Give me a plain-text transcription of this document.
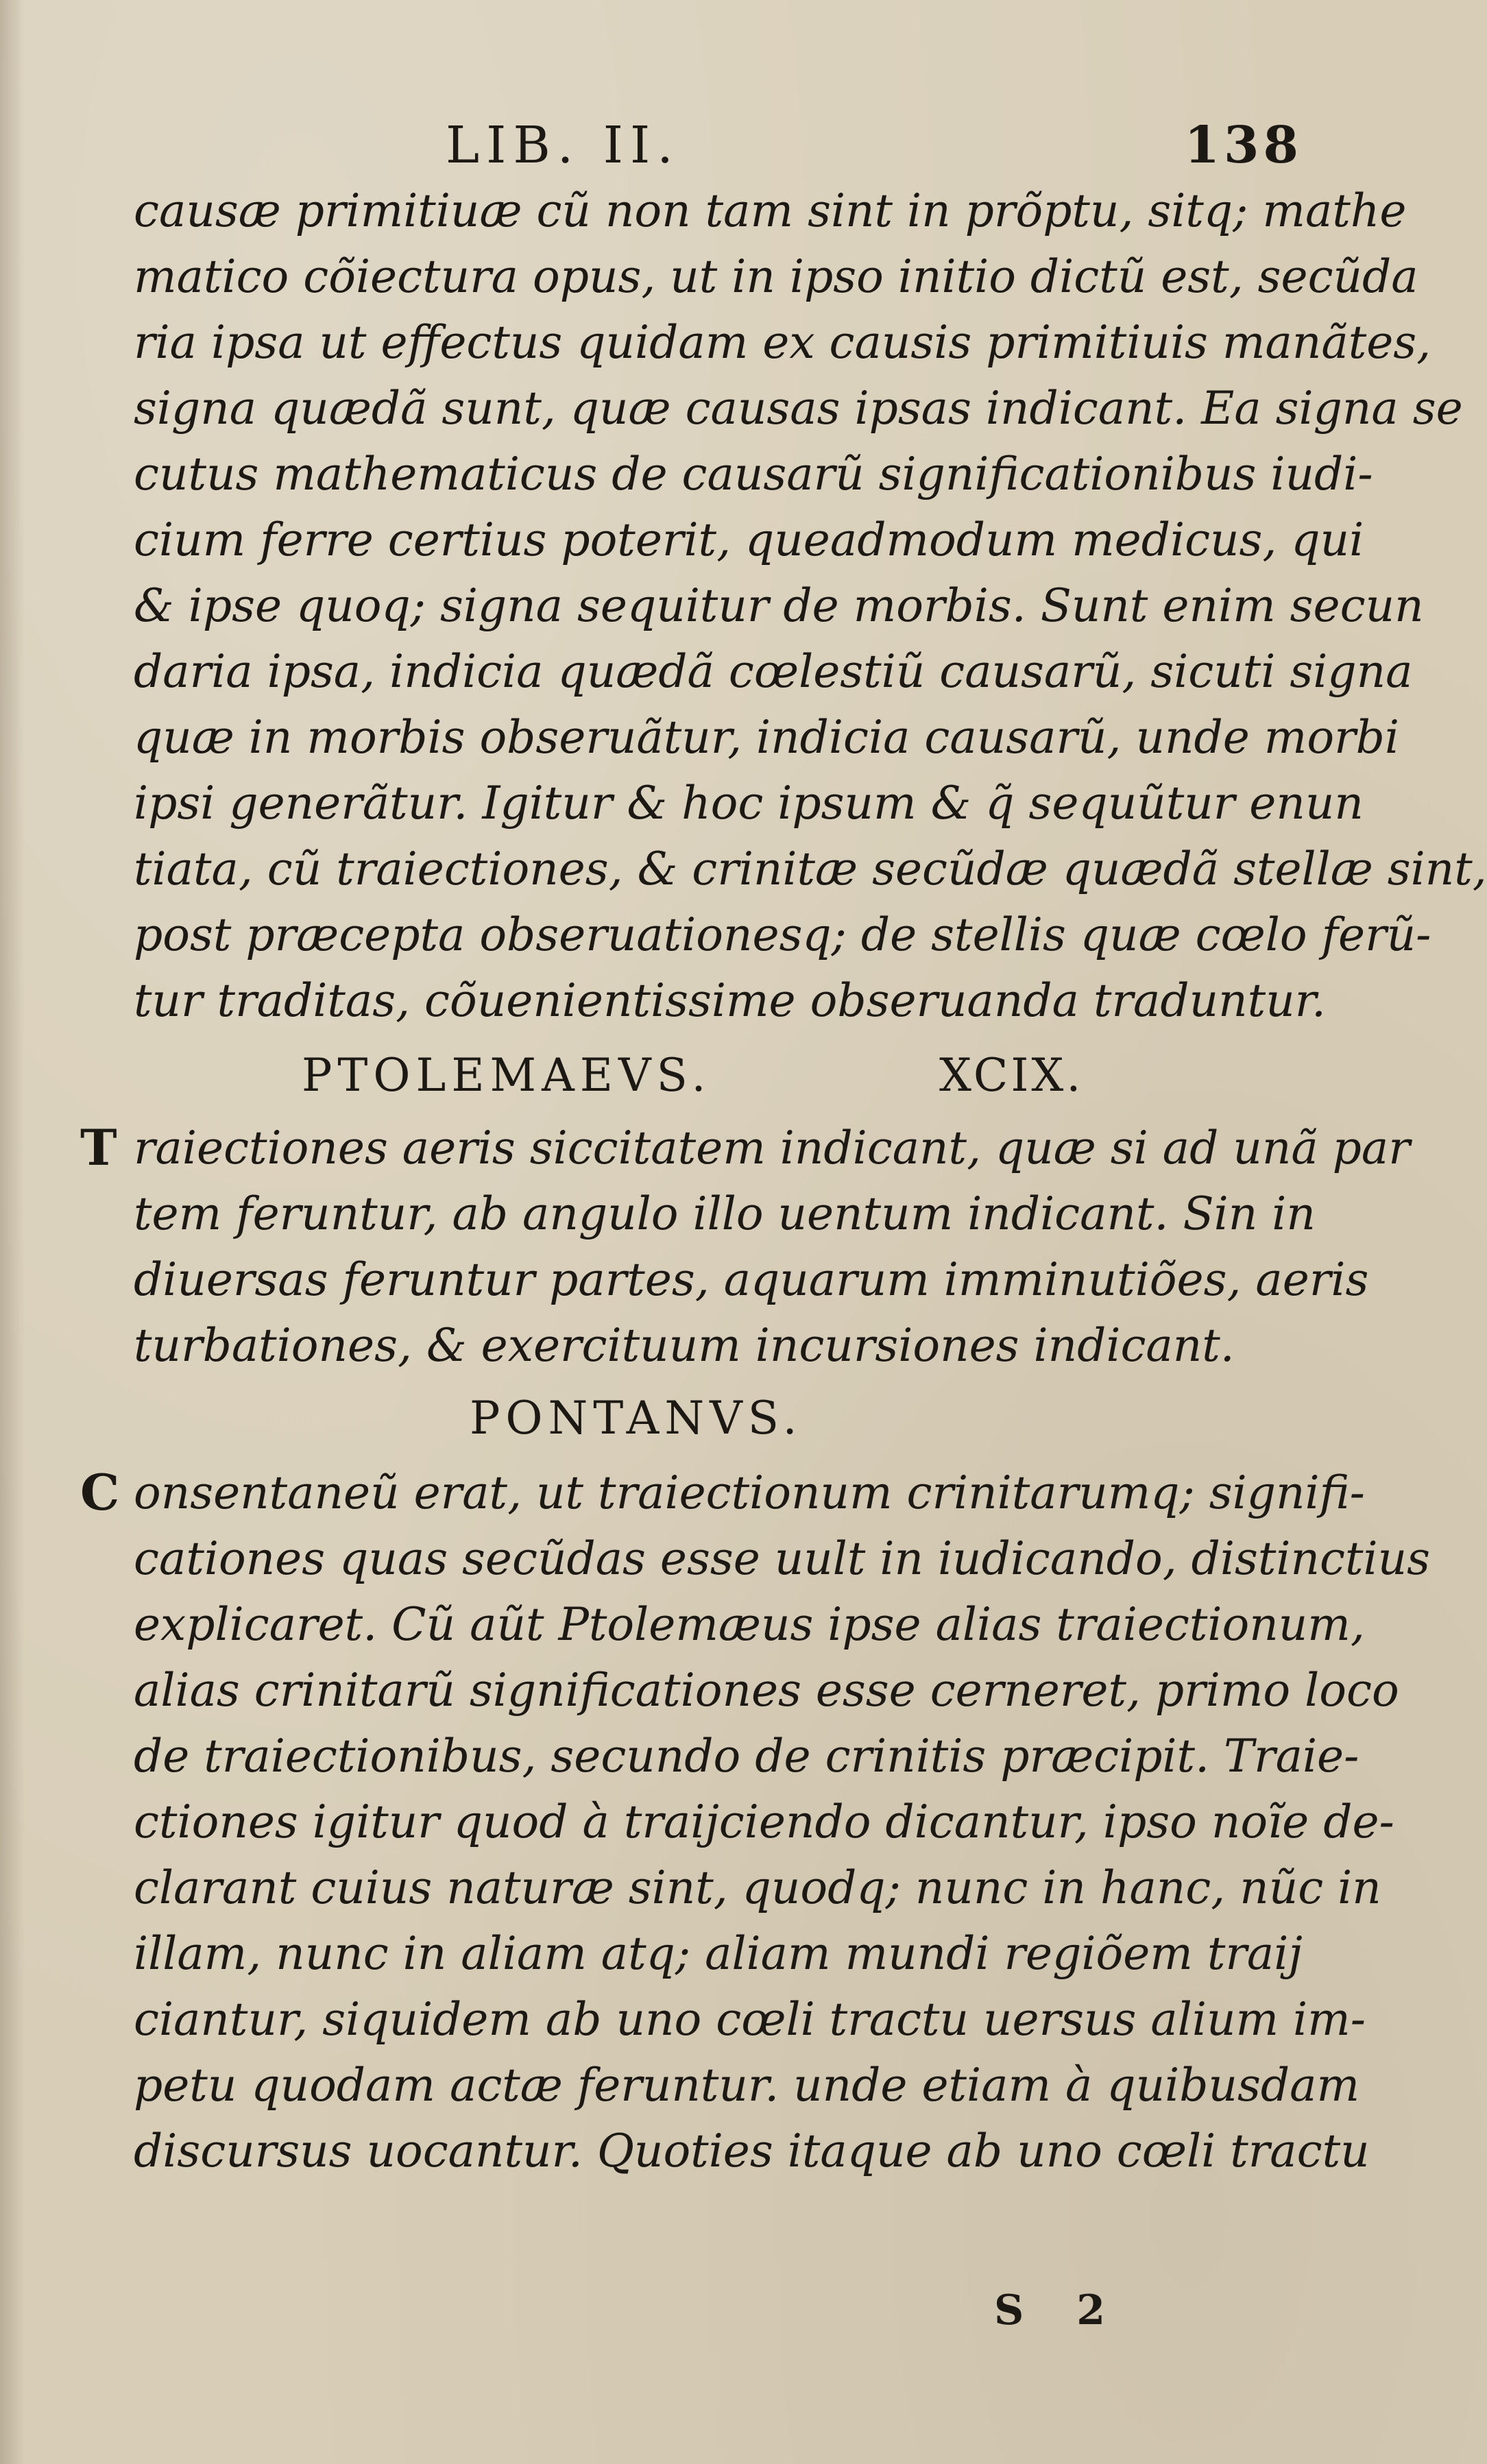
LIB. II.	138
causæ primitiuæ cũ non tam sint in prõptu, sitq; mathe
matico cõiectura opus, ut in ipso initio dictũ est, secũda
ria ipsa ut effectus quidam ex causis primitiuis manãtes,
signa quædã sunt, quæ causas ipsas indicant. Ea signa se
cutus mathematicus de causarũ significationibus iudi-
cium ferre certius poterit, queadmodum medicus, qui
& ipse quoq; signa sequitur de morbis. Sunt enim secun
daria ipsa, indicia quædã cœlestiũ causarũ, sicuti signa
quæ in morbis obseruãtur, indicia causarũ, unde morbi
ipsi generãtur. Igitur & hoc ipsum & q̃ sequũtur enun
tiata, cũ traiectiones, & crinitæ secũdæ quædã stellæ sint,
post præcepta obseruationesq; de stellis quæ cœlo ferũ-
tur traditas, cõuenientissime obseruanda traduntur.
PTOLEMAEVS.	XCIX.
T raiectiones aeris siccitatem indicant, quæ si ad unã par
tem feruntur, ab angulo illo uentum indicant. Sin in
diuersas feruntur partes, aquarum imminutiões, aeris
turbationes, & exercituum incursiones indicant.
PONTANVS.
C onsentaneũ erat, ut traiectionum crinitarumq; signifi-
cationes quas secũdas esse uult in iudicando, distinctius
explicaret. Cũ aũt Ptolemæus ipse alias traiectionum,
alias crinitarũ significationes esse cerneret, primo loco
de traiectionibus, secundo de crinitis præcipit. Traie-
ctiones igitur quod à traijciendo dicantur, ipso noĩe de-
clarant cuius naturæ sint, quodq; nunc in hanc, nũc in
illam, nunc in aliam atq; aliam mundi regiõem traij
ciantur, siquidem ab uno cœli tractu uersus alium im-
petu quodam actæ feruntur. unde etiam à quibusdam
discursus uocantur. Quoties itaque ab uno cœli tractu
S 2
